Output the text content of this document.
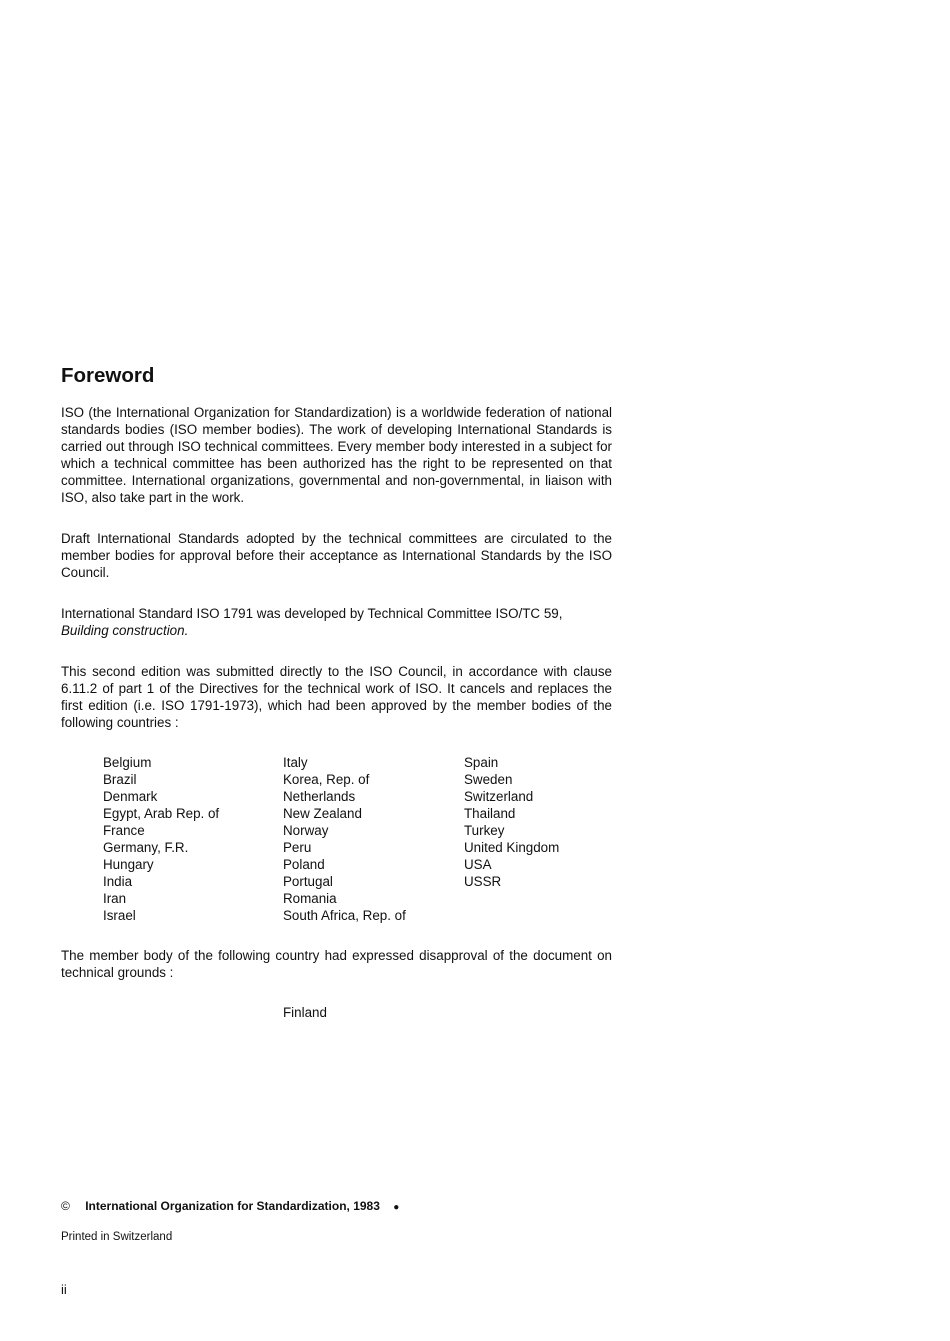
Foreword
ISO (the International Organization for Standardization) is a worldwide federation of national standards bodies (ISO member bodies). The work of developing International Standards is carried out through ISO technical committees. Every member body interested in a subject for which a technical committee has been authorized has the right to be represented on that committee. International organizations, governmental and non-governmental, in liaison with ISO, also take part in the work.
Draft International Standards adopted by the technical committees are circulated to the member bodies for approval before their acceptance as International Standards by the ISO Council.
International Standard ISO 1791 was developed by Technical Committee ISO/TC 59,
Building construction.
This second edition was submitted directly to the ISO Council, in accordance with clause 6.11.2 of part 1 of the Directives for the technical work of ISO. It cancels and replaces the first edition (i.e. ISO 1791-1973), which had been approved by the member bodies of the following countries :
Belgium
Brazil
Denmark
Egypt, Arab Rep. of
France
Germany, F.R.
Hungary
India
Iran
Israel
Italy
Korea, Rep. of
Netherlands
New Zealand
Norway
Peru
Poland
Portugal
Romania
South Africa, Rep. of
Spain
Sweden
Switzerland
Thailand
Turkey
United Kingdom
USA
USSR
The member body of the following country had expressed disapproval of the document on technical grounds :
Finland
© International Organization for Standardization, 1983 ●
Printed in Switzerland
ii
